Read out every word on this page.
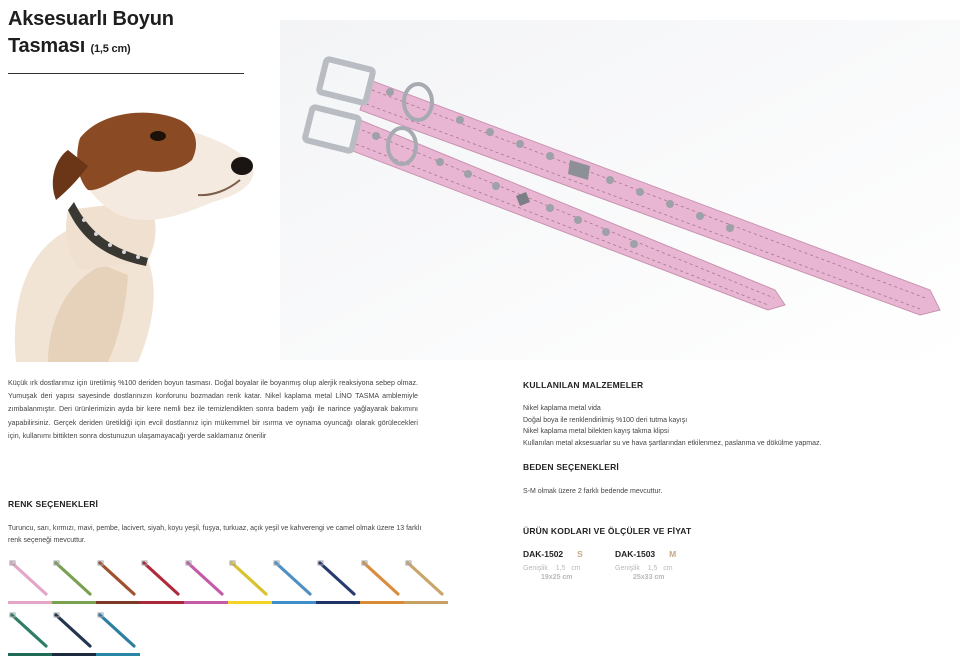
Aksesuarlı Boyun
Tasması (1,5 cm)
Küçük ırk dostlarımız için üretilmiş %100 deriden boyun tasması. Doğal boyalar ile boyanmış olup alerjik reaksiyona sebep olmaz. Yumuşak deri yapısı sayesinde dostlarınızın konforunu bozmadan renk katar. Nikel kaplama metal LİNO TASMA amblemiyle zımbalanmıştır. Deri ürünlerimizin ayda bir kere nemli bez ile temizlendikten sonra badem yağı ile narince yağlayarak bakımını yapabilirsiniz. Gerçek deriden üretildiği için evcil dostlarınız için mükemmel bir ısırma ve oynama oyuncağı olarak görülecekleri için, kullanımı bittikten sonra dostunuzun ulaşamayacağı yerde saklamanız önerilir
RENK SEÇENEKLERİ
Turuncu, sarı, kırmızı, mavi, pembe, lacivert, siyah, koyu yeşil, fuşya, turkuaz, açık yeşil ve kahverengi ve camel olmak üzere 13 farklı renk seçeneği mevcuttur.
KULLANILAN MALZEMELER
Nikel kaplama metal vida
Doğal boya ile renklendirilmiş %100 deri tutma kayışı
Nikel kaplama metal bilekten kayış takma klipsi
Kullanılan metal aksesuarlar su ve hava şartlarından etkilenmez, paslanma ve dökülme yapmaz.
BEDEN SEÇENEKLERİ
S-M olmak üzere 2 farklı bedende mevcuttur.
ÜRÜN KODLARI VE ÖLÇÜLER VE FİYAT
DAK-1502 S
Genişlik 1,5 cm
19x25 cm
DAK-1503 M
Genişlik 1,5 cm
25x33 cm
